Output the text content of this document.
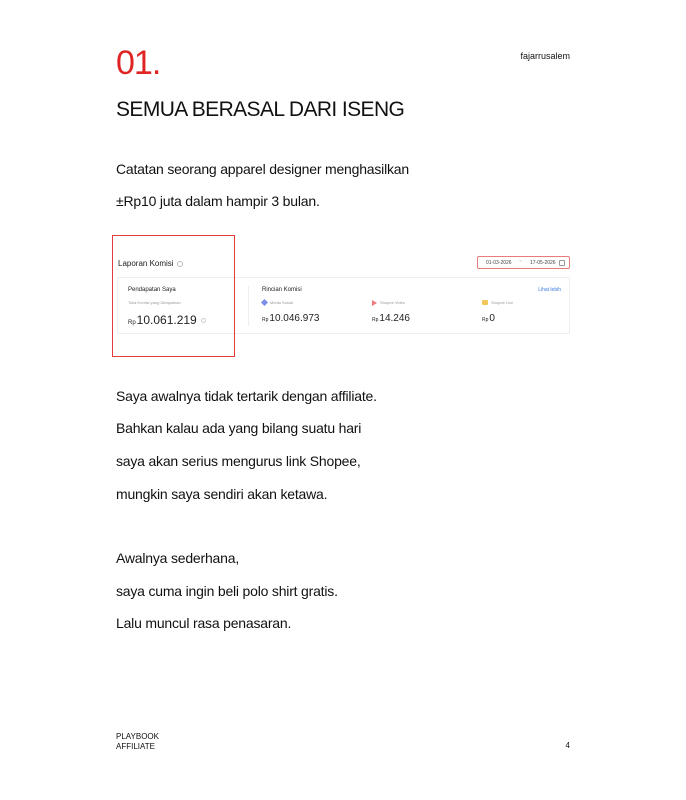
01.	fajarrusalem
SEMUA BERASAL DARI ISENG
Catatan seorang apparel designer menghasilkan
±Rp10 juta dalam hampir 3 bulan.
Laporan Komisi	01-03-2026 ~ 17-05-2026
Pendapatan Saya
Total Komisi yang Dibayarkan
Rp10.061.219
Rincian Komisi	Lihat lebih
Media Sosial
Rp10.046.973
Shopee Video
Rp14.246
Shopee Live
Rp0
Saya awalnya tidak tertarik dengan affiliate.
Bahkan kalau ada yang bilang suatu hari
saya akan serius mengurus link Shopee,
mungkin saya sendiri akan ketawa.
Awalnya sederhana,
saya cuma ingin beli polo shirt gratis.
Lalu muncul rasa penasaran.
PLAYBOOK
AFFILIATE	4
